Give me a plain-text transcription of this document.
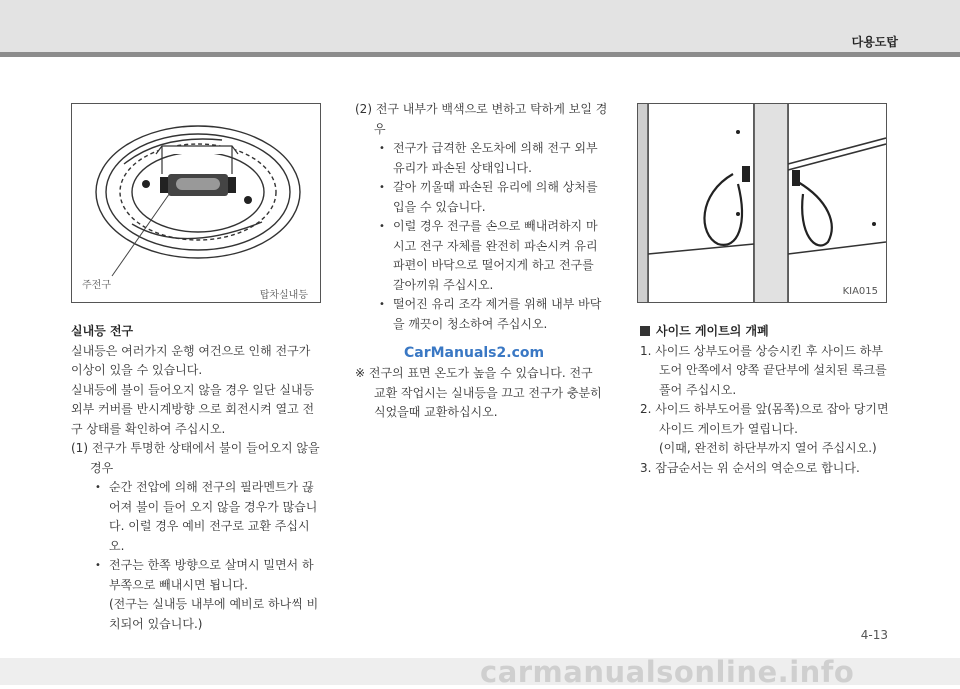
다용도탑
주전구
탑차실내등	KIA015

실내등 전구

실내등은 여러가지 운행 여건으로 인해 전구가 이상이 있을 수 있습니다.

실내등에 불이 들어오지 않을 경우 일단 실내등 외부 커버를 반시계방향 으로 회전시켜 열고 전구 상태를 확인하여 주십시오.

(1) 전구가 투명한 상태에서 불이 들어오지 않을 경우

• 순간 전압에 의해 전구의 필라멘트가 끊어져 불이 들어 오지 않을 경우가 많습니다. 이럴 경우 예비 전구로 교환 주십시오.

• 전구는 한쪽 방향으로 살며시 밀면서 하부쪽으로 빼내시면 됩니다.

(전구는 실내등 내부에 예비로 하나씩 비치되어 있습니다.)

(2) 전구 내부가 백색으로 변하고 탁하게 보일 경우

• 전구가 급격한 온도차에 의해 전구 외부 유리가 파손된 상태입니다.

• 갈아 끼울때 파손된 유리에 의해 상처를 입을 수 있습니다.

• 이럴 경우 전구를 손으로 빼내려하지 마시고 전구 자체를 완전히 파손시켜 유리 파편이 바닥으로 떨어지게 하고 전구를 갈아끼워 주십시오.

• 떨어진 유리 조각 제거를 위해 내부 바닥을 깨끗이 청소하여 주십시오.

※ 전구의 표면 온도가 높을 수 있습니다. 전구 교환 작업시는 실내등을 끄고 전구가 충분히 식었을때 교환하십시오.

CarManuals2.com

사이드 게이트의 개폐

1. 사이드 상부도어를 상승시킨 후 사이드 하부 도어 안쪽에서 양쪽 끝단부에 설치된 록크를 풀어 주십시오.

2. 사이드 하부도어를 앞(몸쪽)으로 잡아 당기면 사이드 게이트가 열립니다.

(이때, 완전히 하단부까지 열어 주십시오.)

3. 잠금순서는 위 순서의 역순으로 합니다.

4-13
carmanualsonline.info
